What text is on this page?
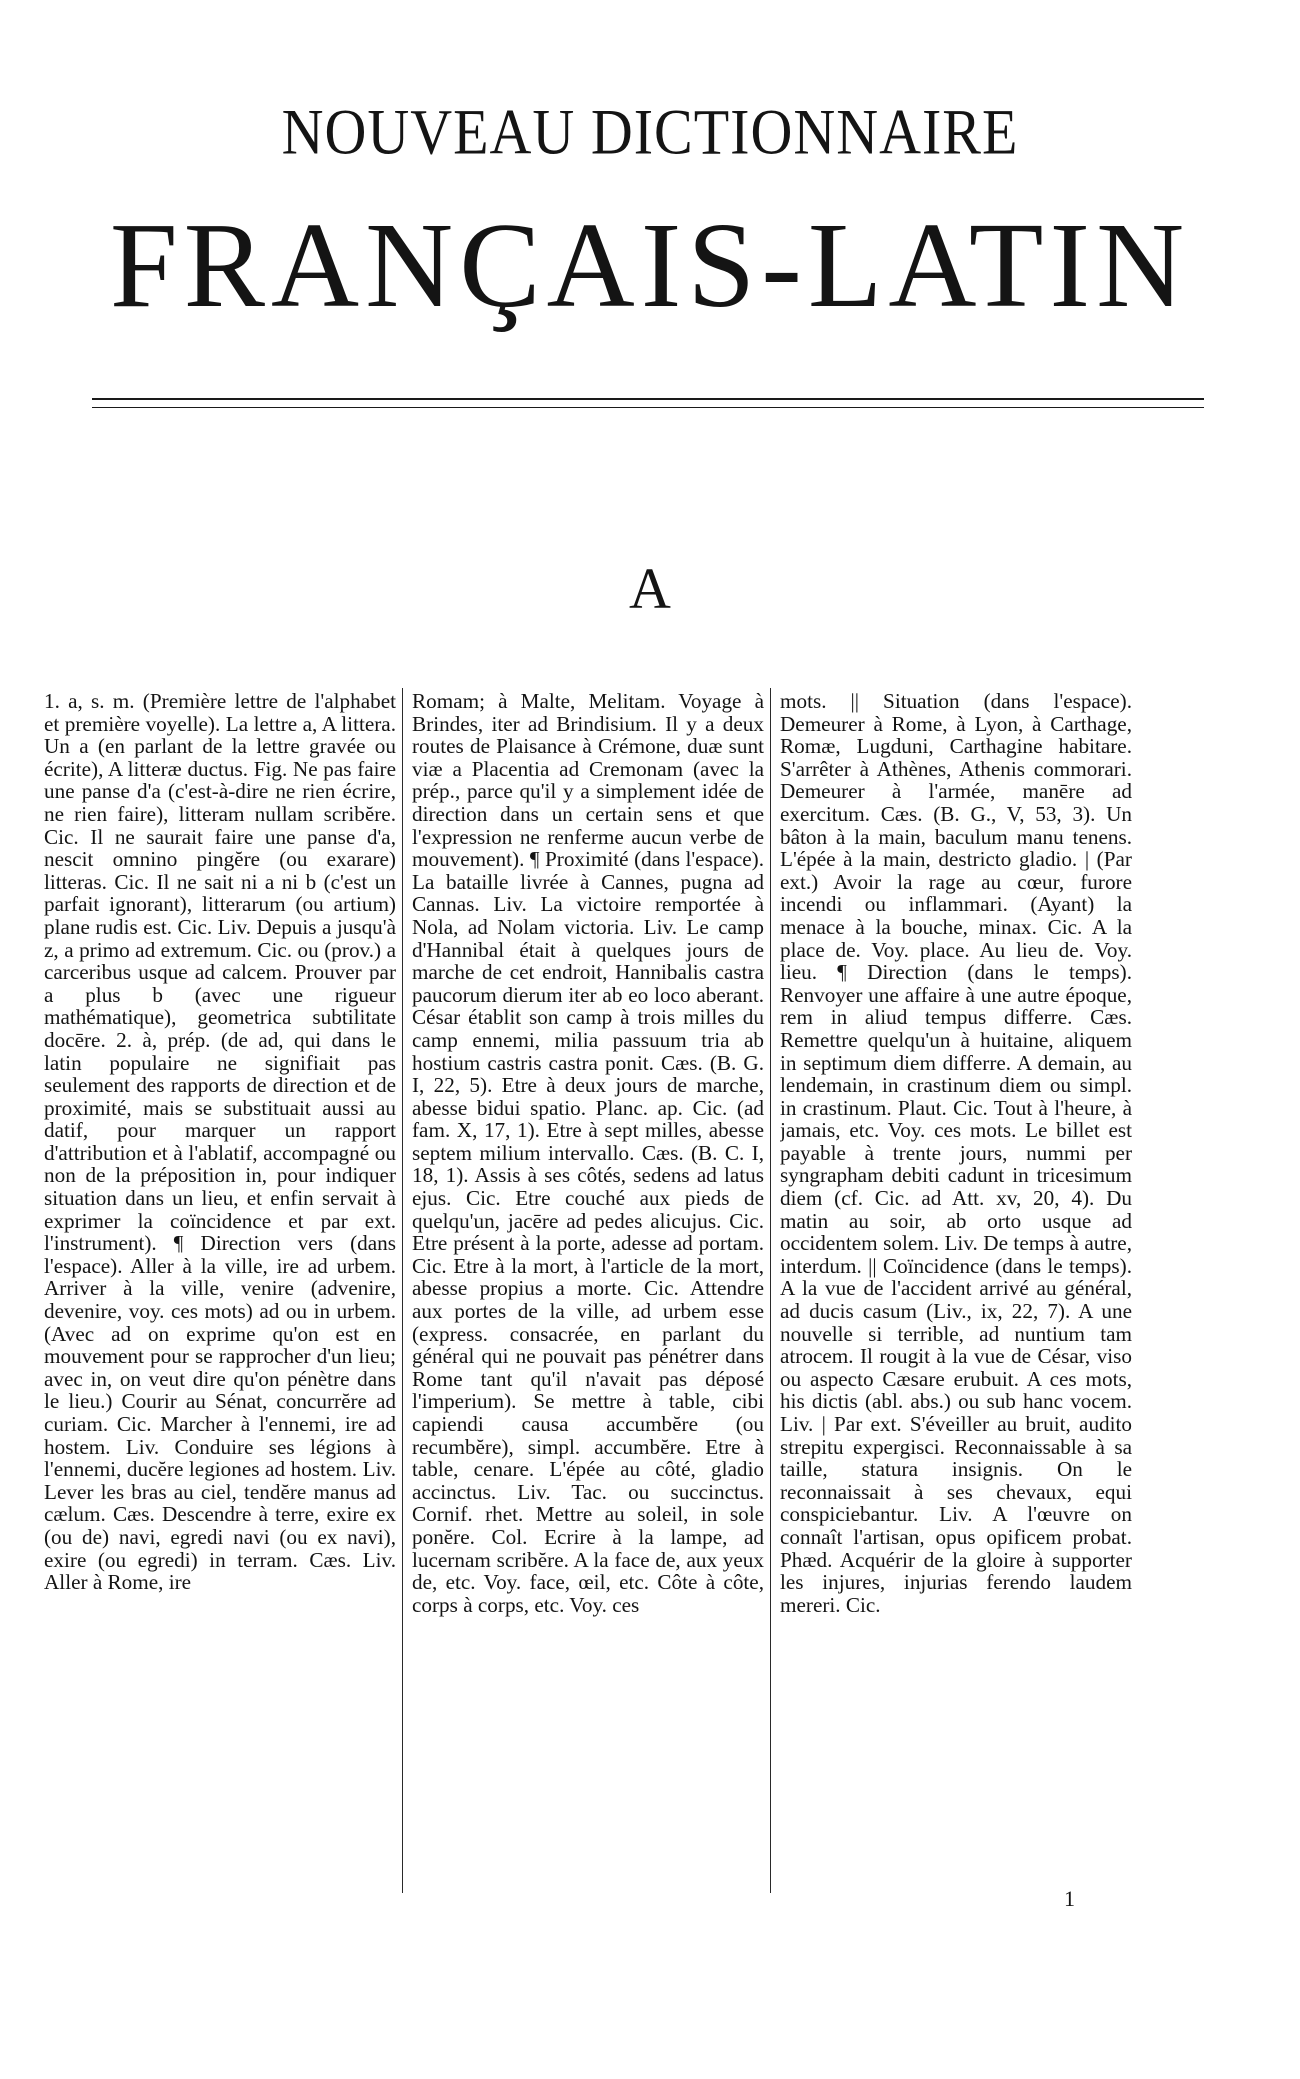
NOUVEAU DICTIONNAIRE
FRANÇAIS-LATIN
A

1. a, s. m. (Première lettre de l'alphabet et première voyelle). La lettre a, A littera. Un a (en parlant de la lettre gravée ou écrite), A litteræ ductus. Fig. Ne pas faire une panse d'a (c'est-à-dire ne rien écrire, ne rien faire), litteram nullam scribĕre. Cic. Il ne saurait faire une panse d'a, nescit omnino pingĕre (ou exarare) litteras. Cic. Il ne sait ni a ni b (c'est un parfait ignorant), litterarum (ou artium) plane rudis est. Cic. Liv. Depuis a jusqu'à z, a primo ad extremum. Cic. ou (prov.) a carceribus usque ad calcem. Prouver par a plus b (avec une rigueur mathématique), geometrica subtilitate docēre. 2. à, prép. (de ad, qui dans le latin populaire ne signifiait pas seulement des rapports de direction et de proximité, mais se substituait aussi au datif, pour marquer un rapport d'attribution et à l'ablatif, accompagné ou non de la préposition in, pour indiquer situation dans un lieu, et enfin servait à exprimer la coïncidence et par ext. l'instrument). ¶ Direction vers (dans l'espace). Aller à la ville, ire ad urbem. Arriver à la ville, venire (advenire, devenire, voy. ces mots) ad ou in urbem. (Avec ad on exprime qu'on est en mouvement pour se rapprocher d'un lieu; avec in, on veut dire qu'on pénètre dans le lieu.) Courir au Sénat, concurrĕre ad curiam. Cic. Marcher à l'ennemi, ire ad hostem. Liv. Conduire ses légions à l'ennemi, ducĕre legiones ad hostem. Liv. Lever les bras au ciel, tendĕre manus ad cælum. Cæs. Descendre à terre, exire ex (ou de) navi, egredi navi (ou ex navi), exire (ou egredi) in terram. Cæs. Liv. Aller à Rome, ire

Romam; à Malte, Melitam. Voyage à Brindes, iter ad Brindisium. Il y a deux routes de Plaisance à Crémone, duæ sunt viæ a Placentia ad Cremonam (avec la prép., parce qu'il y a simplement idée de direction dans un certain sens et que l'expression ne renferme aucun verbe de mouvement). ¶ Proximité (dans l'espace). La bataille livrée à Cannes, pugna ad Cannas. Liv. La victoire remportée à Nola, ad Nolam victoria. Liv. Le camp d'Hannibal était à quelques jours de marche de cet endroit, Hannibalis castra paucorum dierum iter ab eo loco aberant. César établit son camp à trois milles du camp ennemi, milia passuum tria ab hostium castris castra ponit. Cæs. (B. G. I, 22, 5). Etre à deux jours de marche, abesse bidui spatio. Planc. ap. Cic. (ad fam. X, 17, 1). Etre à sept milles, abesse septem milium intervallo. Cæs. (B. C. I, 18, 1). Assis à ses côtés, sedens ad latus ejus. Cic. Etre couché aux pieds de quelqu'un, jacēre ad pedes alicujus. Cic. Etre présent à la porte, adesse ad portam. Cic. Etre à la mort, à l'article de la mort, abesse propius a morte. Cic. Attendre aux portes de la ville, ad urbem esse (express. consacrée, en parlant du général qui ne pouvait pas pénétrer dans Rome tant qu'il n'avait pas déposé l'imperium). Se mettre à table, cibi capiendi causa accumbĕre (ou recumbĕre), simpl. accumbĕre. Etre à table, cenare. L'épée au côté, gladio accinctus. Liv. Tac. ou succinctus. Cornif. rhet. Mettre au soleil, in sole ponĕre. Col. Ecrire à la lampe, ad lucernam scribĕre. A la face de, aux yeux de, etc. Voy. face, œil, etc. Côte à côte, corps à corps, etc. Voy. ces

mots. || Situation (dans l'espace). Demeurer à Rome, à Lyon, à Carthage, Romæ, Lugduni, Carthagine habitare. S'arrêter à Athènes, Athenis commorari. Demeurer à l'armée, manēre ad exercitum. Cæs. (B. G., V, 53, 3). Un bâton à la main, baculum manu tenens. L'épée à la main, destricto gladio. | (Par ext.) Avoir la rage au cœur, furore incendi ou inflammari. (Ayant) la menace à la bouche, minax. Cic. A la place de. Voy. place. Au lieu de. Voy. lieu. ¶ Direction (dans le temps). Renvoyer une affaire à une autre époque, rem in aliud tempus differre. Cæs. Remettre quelqu'un à huitaine, aliquem in septimum diem differre. A demain, au lendemain, in crastinum diem ou simpl. in crastinum. Plaut. Cic. Tout à l'heure, à jamais, etc. Voy. ces mots. Le billet est payable à trente jours, nummi per syngrapham debiti cadunt in tricesimum diem (cf. Cic. ad Att. xv, 20, 4). Du matin au soir, ab orto usque ad occidentem solem. Liv. De temps à autre, interdum. || Coïncidence (dans le temps). A la vue de l'accident arrivé au général, ad ducis casum (Liv., ix, 22, 7). A une nouvelle si terrible, ad nuntium tam atrocem. Il rougit à la vue de César, viso ou aspecto Cæsare erubuit. A ces mots, his dictis (abl. abs.) ou sub hanc vocem. Liv. | Par ext. S'éveiller au bruit, audito strepitu expergisci. Reconnaissable à sa taille, statura insignis. On le reconnaissait à ses chevaux, equi conspiciebantur. Liv. A l'œuvre on connaît l'artisan, opus opificem probat. Phæd. Acquérir de la gloire à supporter les injures, injurias ferendo laudem mereri. Cic.

1
